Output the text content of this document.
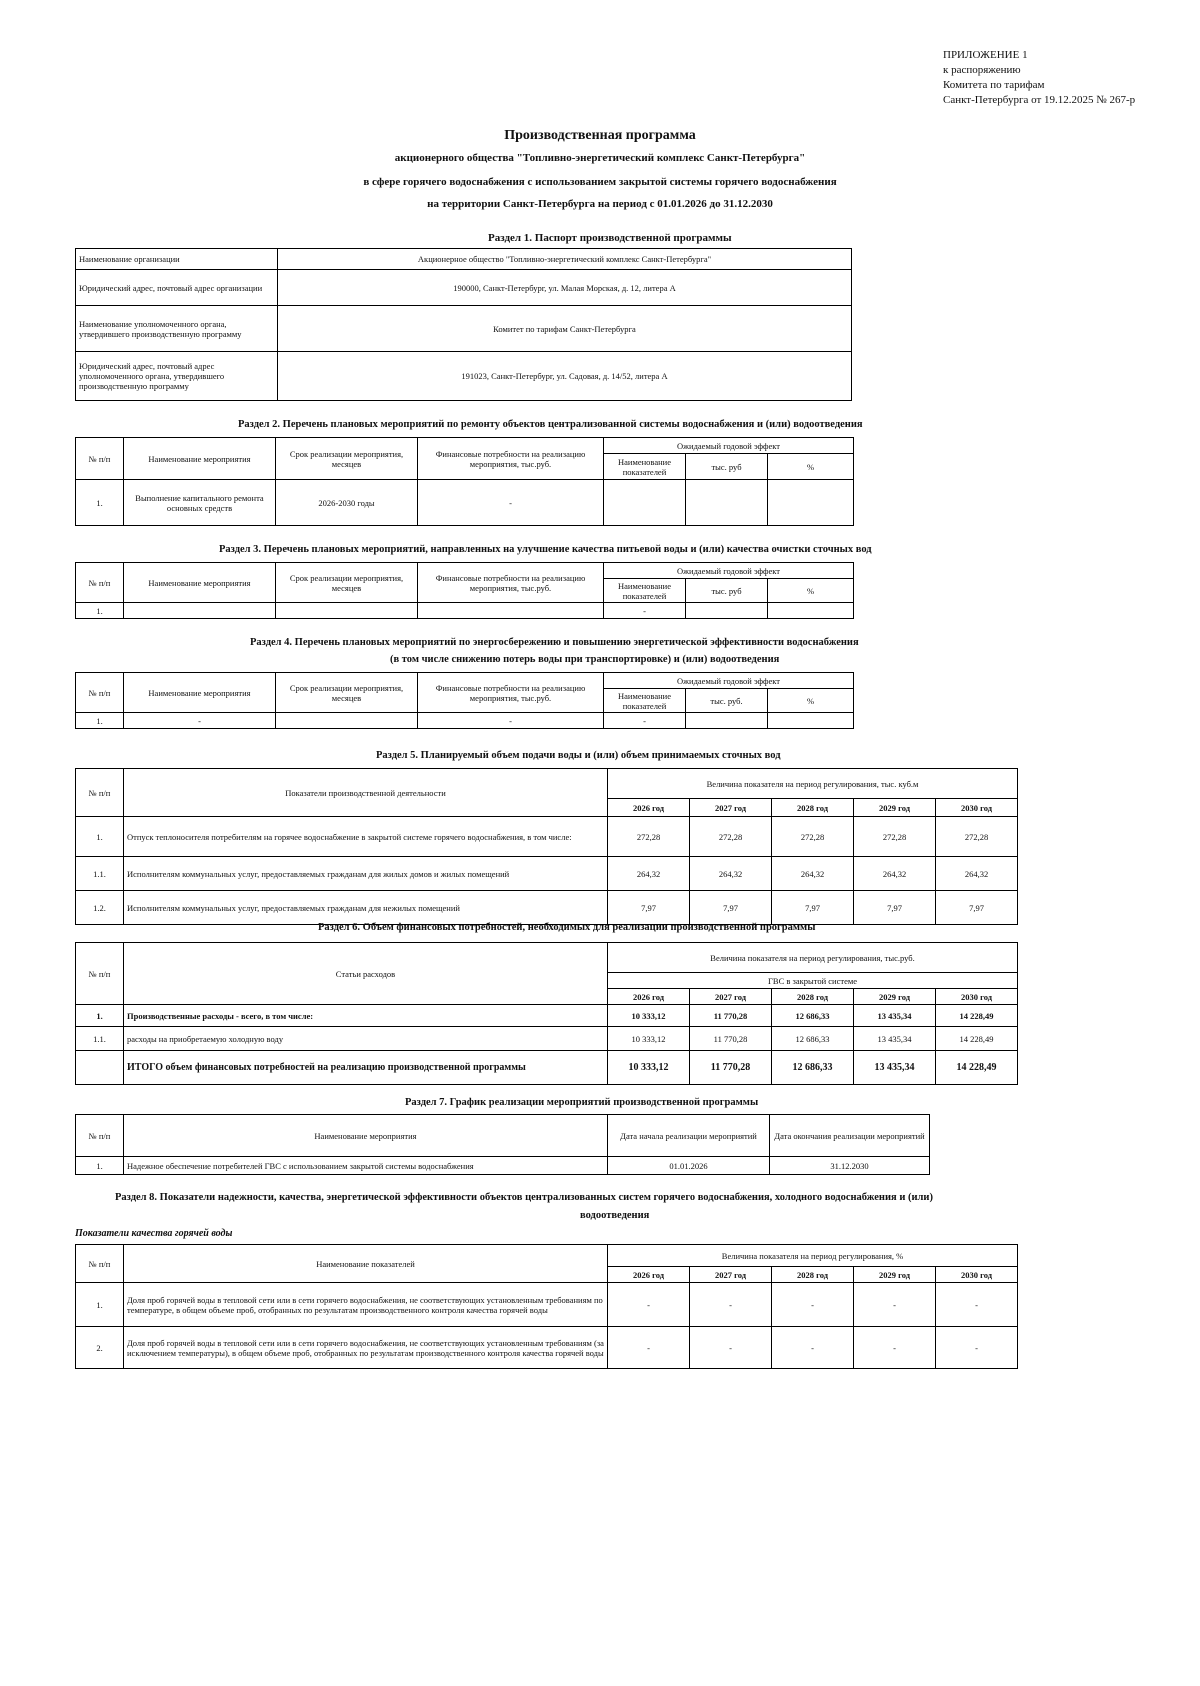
ПРИЛОЖЕНИЕ 1
к распоряжению
Комитета по тарифам
Санкт-Петербурга от 19.12.2025 № 267-р
Производственная программа
акционерного общества "Топливно-энергетический комплекс Санкт-Петербурга"
в сфере горячего водоснабжения с использованием закрытой системы горячего водоснабжения
на территории Санкт-Петербурга на период с 01.01.2026 до 31.12.2030
Раздел 1. Паспорт производственной программы
Наименование организации	Акционерное общество "Топливно-энергетический комплекс Санкт-Петербурга"
Юридический адрес, почтовый адрес организации	190000, Санкт-Петербург, ул. Малая Морская, д. 12, литера А
Наименование уполномоченного органа, утвердившего производственную программу	Комитет по тарифам Санкт-Петербурга
Юридический адрес, почтовый адрес уполномоченного органа, утвердившего производственную программу	191023, Санкт-Петербург, ул. Садовая, д. 14/52, литера А
Раздел 2. Перечень плановых мероприятий по ремонту объектов централизованной системы водоснабжения и (или) водоотведения
№ п/п	Наименование мероприятия	Срок реализации мероприятия, месяцев	Финансовые потребности на реализацию мероприятия, тыс.руб.	Ожидаемый годовой эффект		
				Наименование показателей	тыс. руб	%
1.	Выполнение капитального ремонта основных средств	2026-2030 годы	-			
Раздел 3. Перечень плановых мероприятий, направленных на улучшение качества питьевой воды и (или) качества очистки сточных вод
№ п/п	Наименование мероприятия	Срок реализации мероприятия, месяцев	Финансовые потребности на реализацию мероприятия, тыс.руб.	Ожидаемый годовой эффект		
				Наименование показателей	тыс. руб	%
1.				-		
Раздел 4. Перечень плановых мероприятий по энергосбережению и повышению энергетической эффективности водоснабжения
(в том числе снижению потерь воды при транспортировке) и (или) водоотведения
№ п/п	Наименование мероприятия	Срок реализации мероприятия, месяцев	Финансовые потребности на реализацию мероприятия, тыс.руб.	Ожидаемый годовой эффект		
				Наименование показателей	тыс. руб.	%
1.	-		-	-		
Раздел 5. Планируемый объем подачи воды и (или) объем принимаемых сточных вод
№ п/п	Показатели производственной деятельности	Величина показателя на период регулирования, тыс. куб.м				
		2026 год	2027 год	2028 год	2029 год	2030 год
1.	Отпуск теплоносителя потребителям на горячее водоснабжение в закрытой системе горячего водоснабжения, в том числе:	272,28	272,28	272,28	272,28	272,28
1.1.	Исполнителям коммунальных услуг, предоставляемых гражданам для жилых домов и жилых помещений	264,32	264,32	264,32	264,32	264,32
1.2.	Исполнителям коммунальных услуг, предоставляемых гражданам для нежилых помещений	7,97	7,97	7,97	7,97	7,97
Раздел 6. Объем финансовых потребностей, необходимых для реализации производственной программы
№ п/п	Статьи расходов	Величина показателя на период регулирования, тыс.руб.				
		ГВС в закрытой системе				
		2026 год	2027 год	2028 год	2029 год	2030 год
1.	Производственные расходы - всего, в том числе:	10 333,12	11 770,28	12 686,33	13 435,34	14 228,49
1.1.	расходы на приобретаемую холодную воду	10 333,12	11 770,28	12 686,33	13 435,34	14 228,49
	ИТОГО объем финансовых потребностей на реализацию производственной программы	10 333,12	11 770,28	12 686,33	13 435,34	14 228,49
Раздел 7. График реализации мероприятий производственной программы
№ п/п	Наименование мероприятия	Дата начала реализации мероприятий	Дата окончания реализации мероприятий
1.	Надежное обеспечение потребителей ГВС с использованием закрытой системы водоснабжения	01.01.2026	31.12.2030
Раздел 8. Показатели надежности, качества, энергетической эффективности объектов централизованных систем горячего водоснабжения, холодного водоснабжения и (или)
водоотведения
Показатели качества горячей воды
№ п/п	Наименование показателей	Величина показателя на период регулирования, %				
		2026 год	2027 год	2028 год	2029 год	2030 год
1.	Доля проб горячей воды в тепловой сети или в сети горячего водоснабжения, не соответствующих установленным требованиям по температуре, в общем объеме проб, отобранных по результатам производственного контроля качества горячей воды	-	-	-	-	-
2.	Доля проб горячей воды в тепловой сети или в сети горячего водоснабжения, не соответствующих установленным требованиям (за исключением температуры), в общем объеме проб, отобранных по результатам производственного контроля качества горячей воды	-	-	-	-	-
